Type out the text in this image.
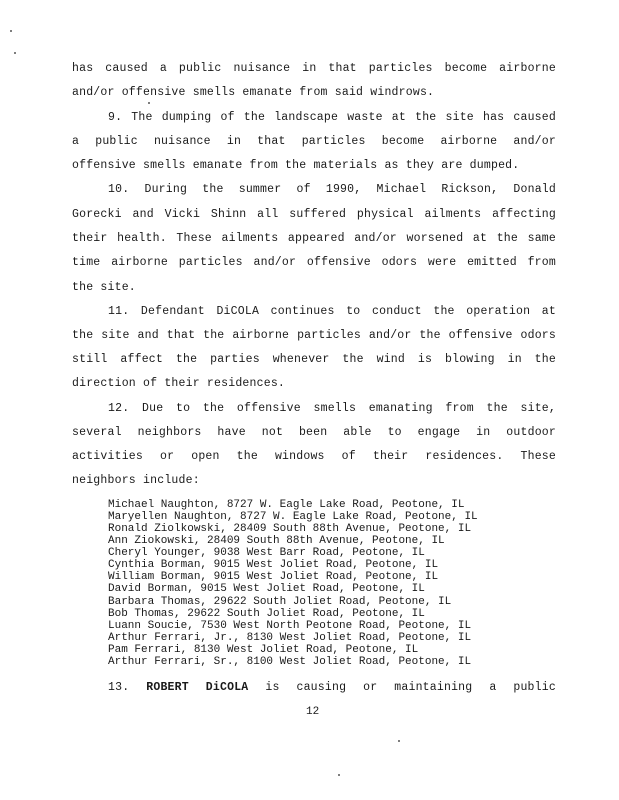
has caused a public nuisance in that particles become airborne
and/or offensive smells emanate from said windrows.
9. The dumping of the landscape waste at the site has caused
a public nuisance in that particles become airborne and/or
offensive smells emanate from the materials as they are dumped.
10. During the summer of 1990, Michael Rickson, Donald
Gorecki and Vicki Shinn all suffered physical ailments affecting
their health. These ailments appeared and/or worsened at the same
time airborne particles and/or offensive odors were emitted from
the site.
11. Defendant DiCOLA continues to conduct the operation at
the site and that the airborne particles and/or the offensive odors
still affect the parties whenever the wind is blowing in the
direction of their residences.
12. Due to the offensive smells emanating from the site,
several neighbors have not been able to engage in outdoor
activities or open the windows of their residences. These
neighbors include:
Michael Naughton, 8727 W. Eagle Lake Road, Peotone, IL
Maryellen Naughton, 8727 W. Eagle Lake Road, Peotone, IL
Ronald Ziolkowski, 28409 South 88th Avenue, Peotone, IL
Ann Ziokowski, 28409 South 88th Avenue, Peotone, IL
Cheryl Younger, 9038 West Barr Road, Peotone, IL
Cynthia Borman, 9015 West Joliet Road, Peotone, IL
William Borman, 9015 West Joliet Road, Peotone, IL
David Borman, 9015 West Joliet Road, Peotone, IL
Barbara Thomas, 29622 South Joliet Road, Peotone, IL
Bob Thomas, 29622 South Joliet Road, Peotone, IL
Luann Soucie, 7530 West North Peotone Road, Peotone, IL
Arthur Ferrari, Jr., 8130 West Joliet Road, Peotone, IL
Pam Ferrari, 8130 West Joliet Road, Peotone, IL
Arthur Ferrari, Sr., 8100 West Joliet Road, Peotone, IL
13. ROBERT DiCOLA is causing or maintaining a public
12
